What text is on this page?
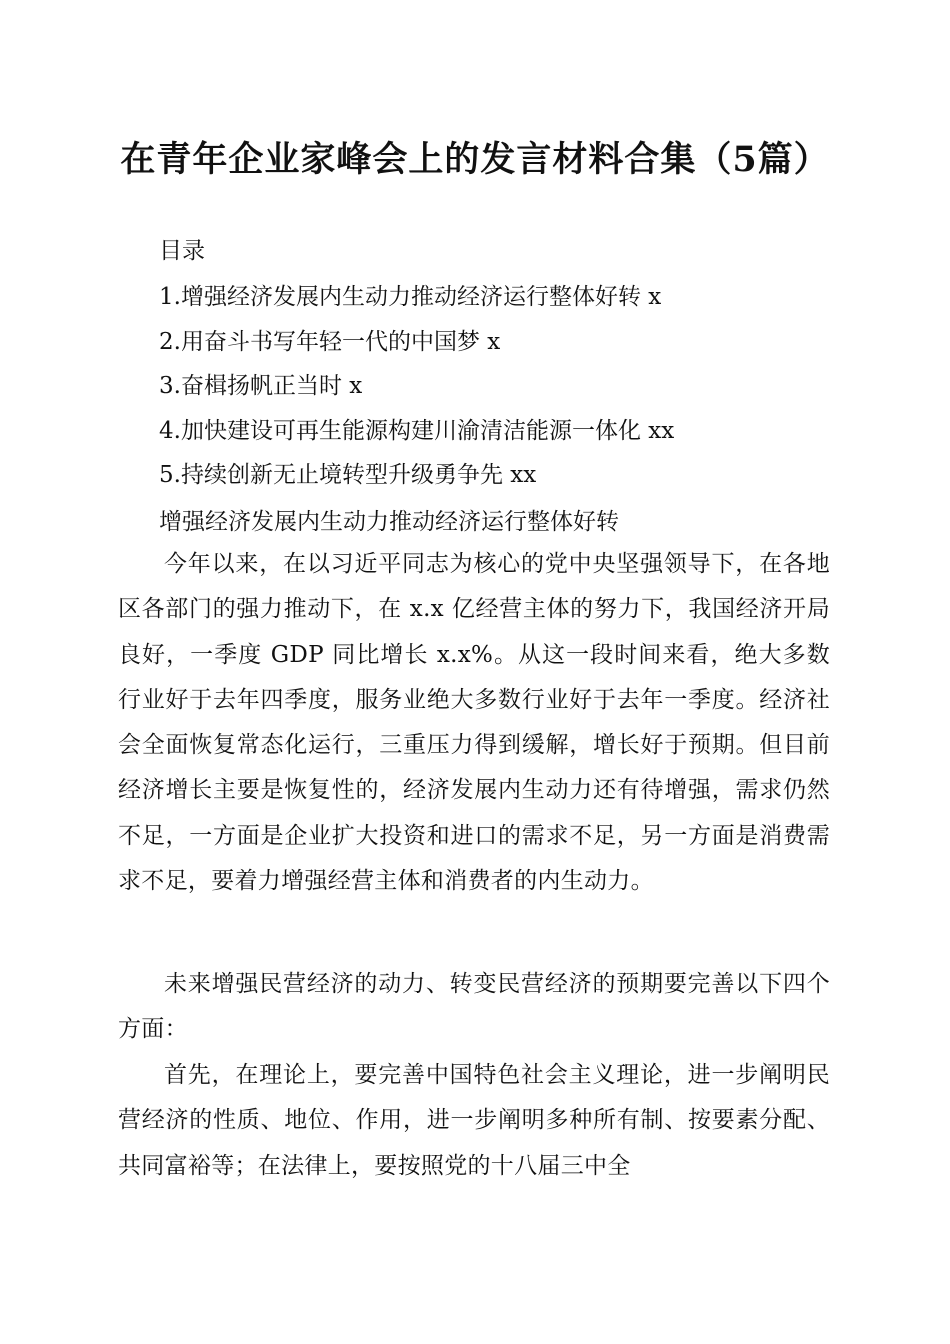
在青年企业家峰会上的发言材料合集（5篇）
目录
1.增强经济发展内生动力推动经济运行整体好转 x
2.用奋斗书写年轻一代的中国梦 x
3.奋楫扬帆正当时 x
4.加快建设可再生能源构建川渝清洁能源一体化 xx
5.持续创新无止境转型升级勇争先 xx
增强经济发展内生动力推动经济运行整体好转

今年以来，在以习近平同志为核心的党中央坚强领导下，在各地区各部门的强力推动下，在 x.x 亿经营主体的努力下，我国经济开局良好，一季度 GDP 同比增长 x.x%。从这一段时间来看，绝大多数行业好于去年四季度，服务业绝大多数行业好于去年一季度。经济社会全面恢复常态化运行，三重压力得到缓解，增长好于预期。但目前经济增长主要是恢复性的，经济发展内生动力还有待增强，需求仍然不足，一方面是企业扩大投资和进口的需求不足，另一方面是消费需求不足，要着力增强经营主体和消费者的内生动力。

未来增强民营经济的动力、转变民营经济的预期要完善以下四个方面：

首先，在理论上，要完善中国特色社会主义理论，进一步阐明民营经济的性质、地位、作用，进一步阐明多种所有制、按要素分配、共同富裕等；在法律上，要按照党的十八届三中全
